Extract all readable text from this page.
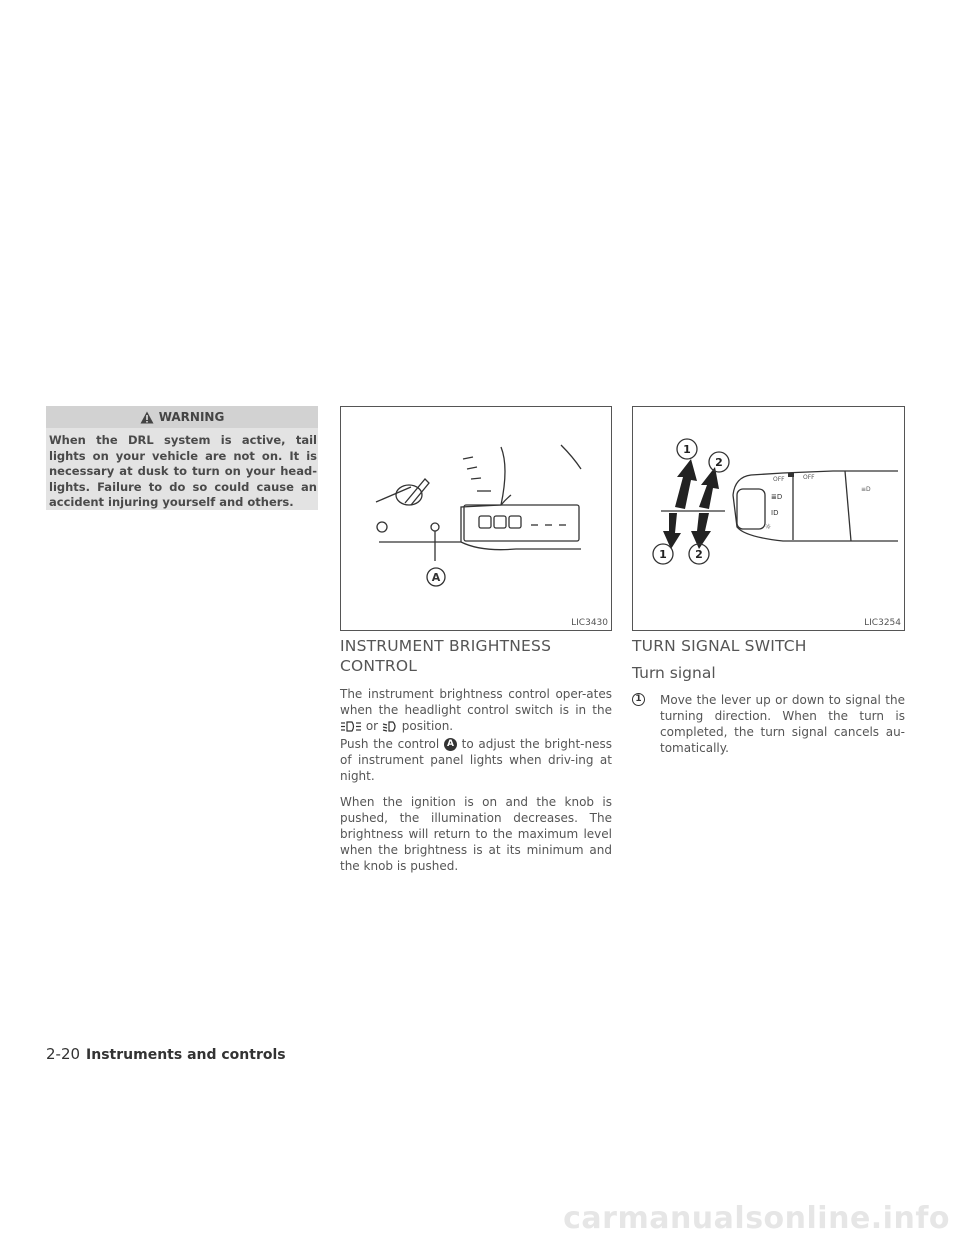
WARNING
When the DRL system is active, tail lights on your vehicle are not on. It is necessary at dusk to turn on your head-lights. Failure to do so could cause an accident injuring yourself and others.
A
LIC3430
OFF	OFF
≡D
≣D
ID
☼
1
2
1	2
LIC3254
INSTRUMENT BRIGHTNESS
CONTROL
The instrument brightness control oper-ates when the headlight control switch is in the  or position.
Push the control A to adjust the bright-ness of instrument panel lights when driv-ing at night.
When the ignition is on and the knob is pushed, the illumination decreases. The brightness will return to the maximum level when the brightness is at its minimum and the knob is pushed.
TURN SIGNAL SWITCH
Turn signal
1 Move the lever up or down to signal the turning direction. When the turn is completed, the turn signal cancels au-tomatically.
2-20 Instruments and controls
carmanualsonline.info
